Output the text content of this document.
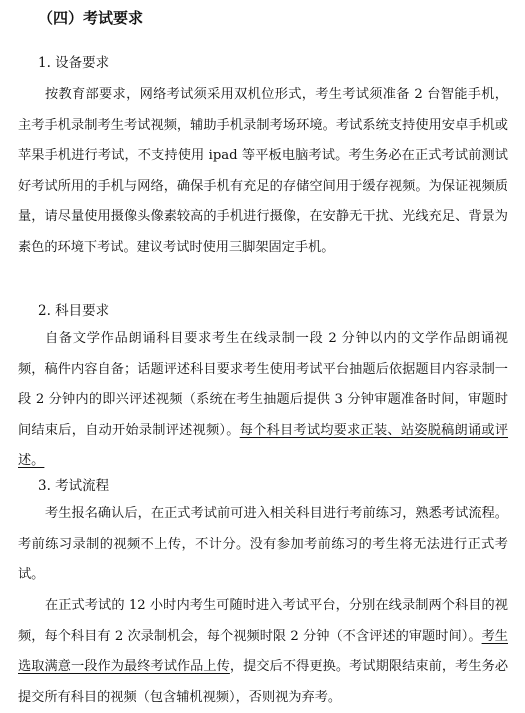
（四）考试要求
1. 设备要求

按教育部要求，网络考试须采用双机位形式，考生考试须准备 2 台智能手机，主考手机录制考生考试视频，辅助手机录制考场环境。考试系统支持使用安卓手机或苹果手机进行考试，不支持使用 ipad 等平板电脑考试。考生务必在正式考试前测试好考试所用的手机与网络，确保手机有充足的存储空间用于缓存视频。为保证视频质量，请尽量使用摄像头像素较高的手机进行摄像，在安静无干扰、光线充足、背景为素色的环境下考试。建议考试时使用三脚架固定手机。

2. 科目要求

自备文学作品朗诵科目要求考生在线录制一段 2 分钟以内的文学作品朗诵视频，稿件内容自备；话题评述科目要求考生使用考试平台抽题后依据题目内容录制一段 2 分钟内的即兴评述视频（系统在考生抽题后提供 3 分钟审题准备时间，审题时间结束后，自动开始录制评述视频）。每个科目考试均要求正装、站姿脱稿朗诵或评述。

3. 考试流程

考生报名确认后，在正式考试前可进入相关科目进行考前练习，熟悉考试流程。考前练习录制的视频不上传，不计分。没有参加考前练习的考生将无法进行正式考试。

在正式考试的 12 小时内考生可随时进入考试平台，分别在线录制两个科目的视频，每个科目有 2 次录制机会，每个视频时限 2 分钟（不含评述的审题时间）。考生选取满意一段作为最终考试作品上传，提交后不得更换。考试期限结束前，考生务必提交所有科目的视频（包含辅机视频），否则视为弃考。
